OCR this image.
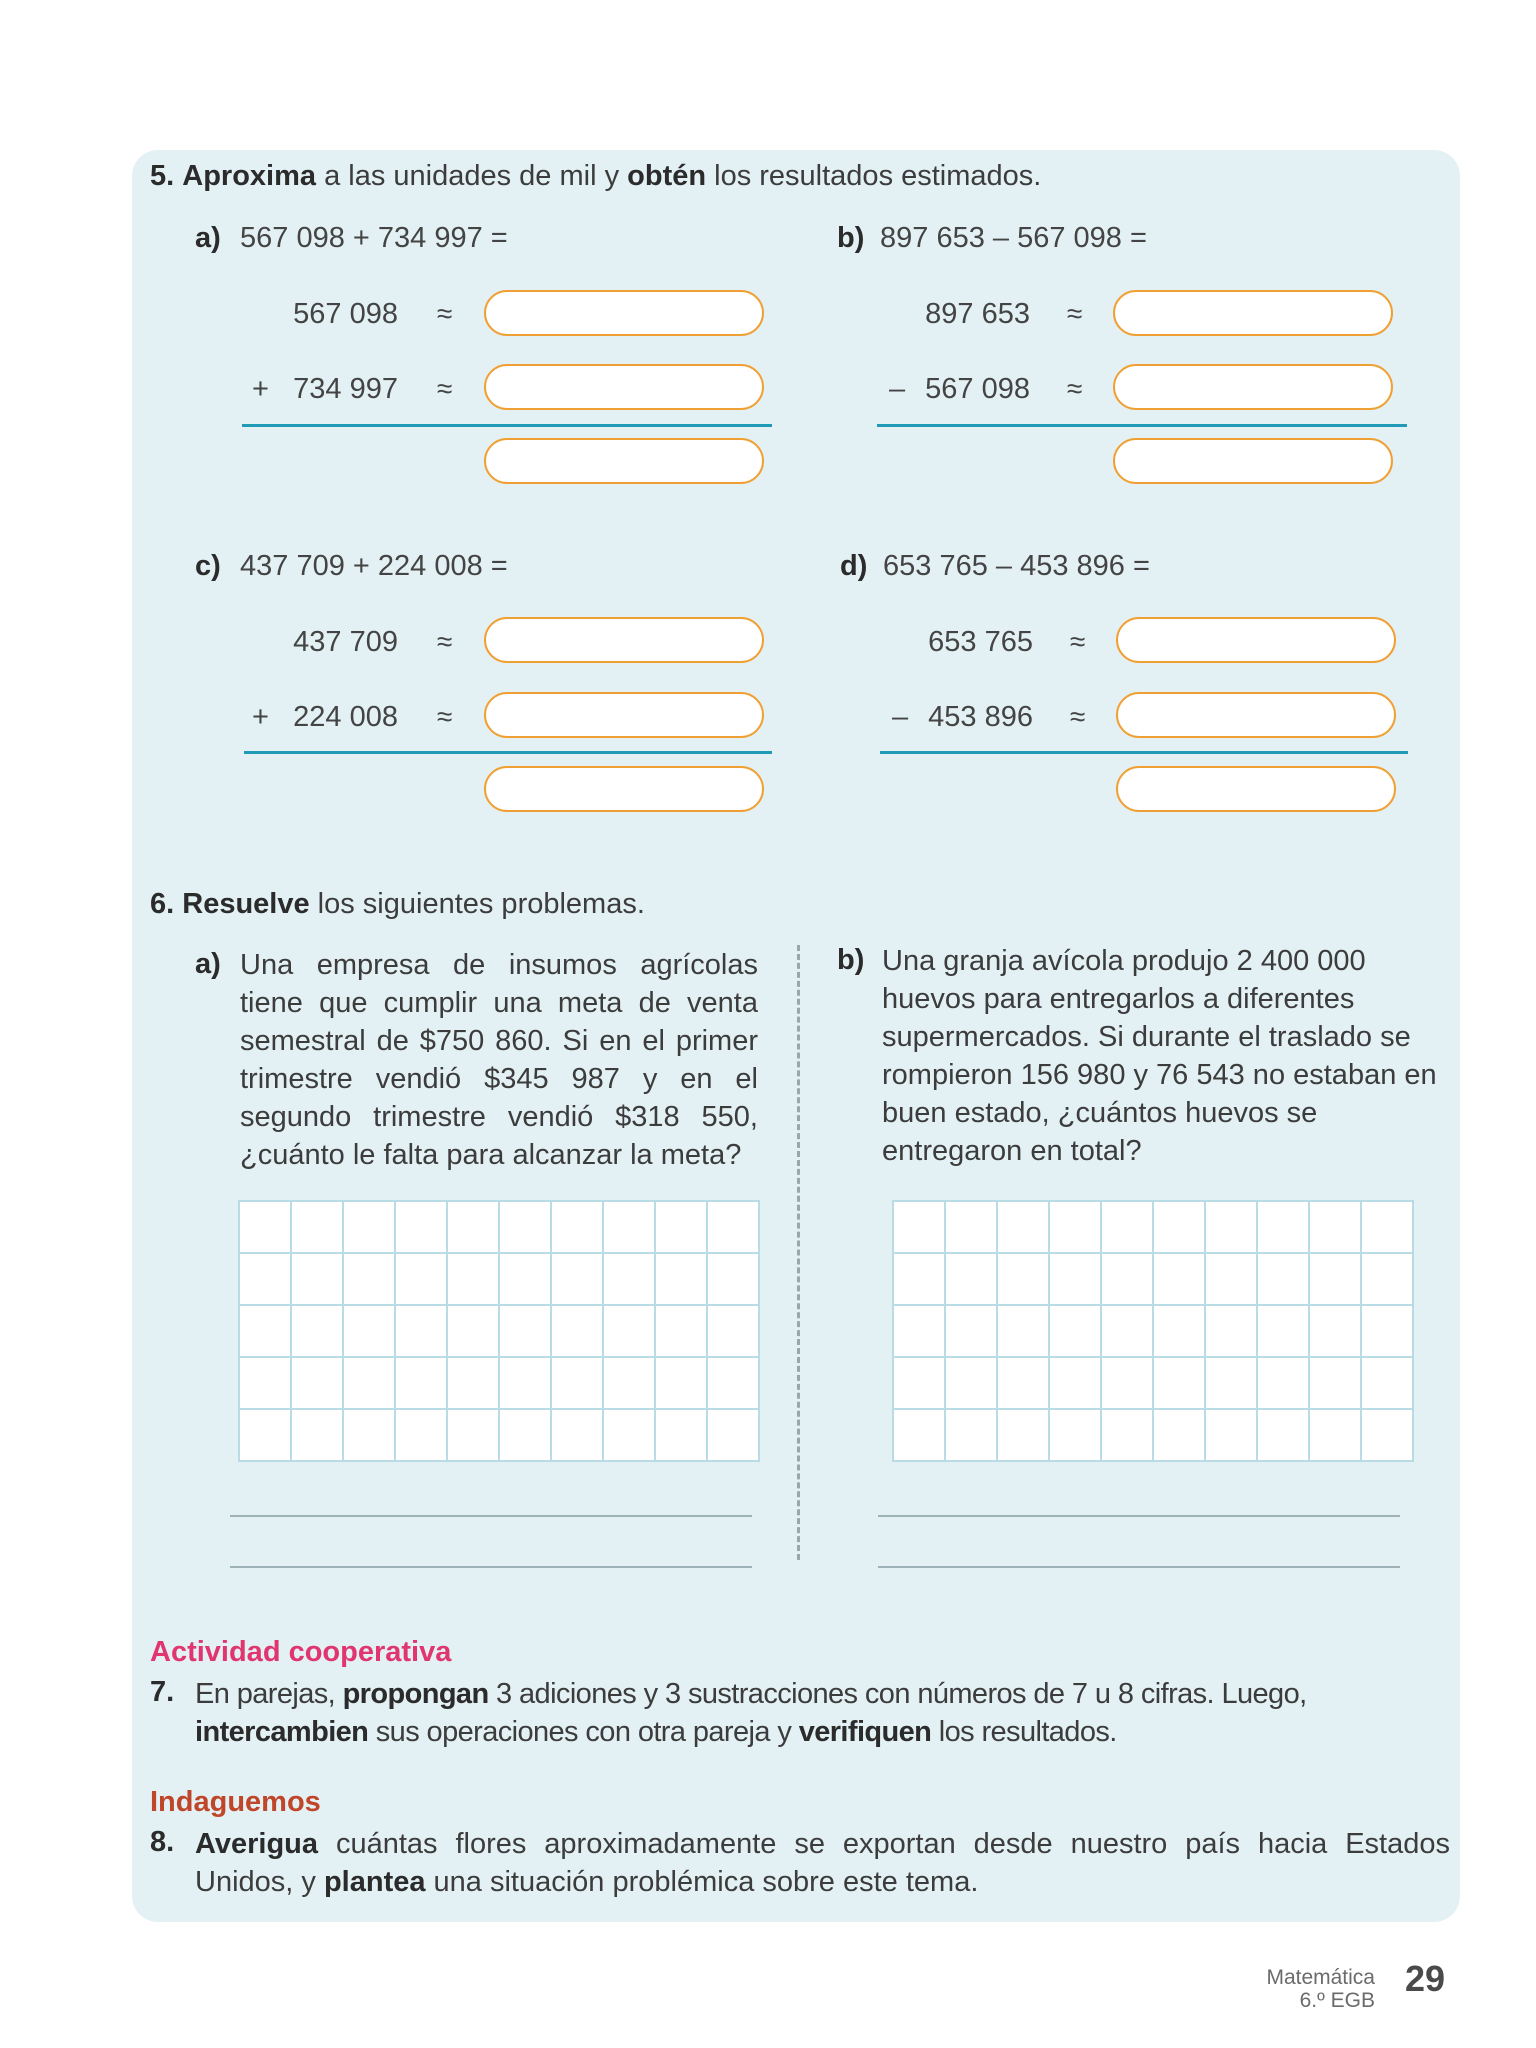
5. Aproxima a las unidades de mil y obtén los resultados estimados.
a) 567 098 + 734 997 =
567 098 ≈
+ 734 997 ≈
b) 897 653 – 567 098 =
897 653 ≈
– 567 098 ≈
c) 437 709 + 224 008 =
437 709 ≈
+ 224 008 ≈
d) 653 765 – 453 896 =
653 765 ≈
– 453 896 ≈
6. Resuelve los siguientes problemas.
a) Una empresa de insumos agrícolas tiene que cumplir una meta de venta semestral de $750 860. Si en el primer trimestre vendió $345 987 y en el segundo trimestre vendió $318 550, ¿cuánto le falta para alcanzar la meta?
b) Una granja avícola produjo 2 400 000 huevos para entregarlos a diferentes supermercados. Si durante el traslado se rompieron 156 980 y 76 543 no estaban en buen estado, ¿cuántos huevos se entregaron en total?
Actividad cooperativa
7. En parejas, propongan 3 adiciones y 3 sustracciones con números de 7 u 8 cifras. Luego, intercambien sus operaciones con otra pareja y verifiquen los resultados.
Indaguemos
8. Averigua cuántas flores aproximadamente se exportan desde nuestro país hacia Estados Unidos, y plantea una situación problémica sobre este tema.
Matemática
6.º EGB
29
